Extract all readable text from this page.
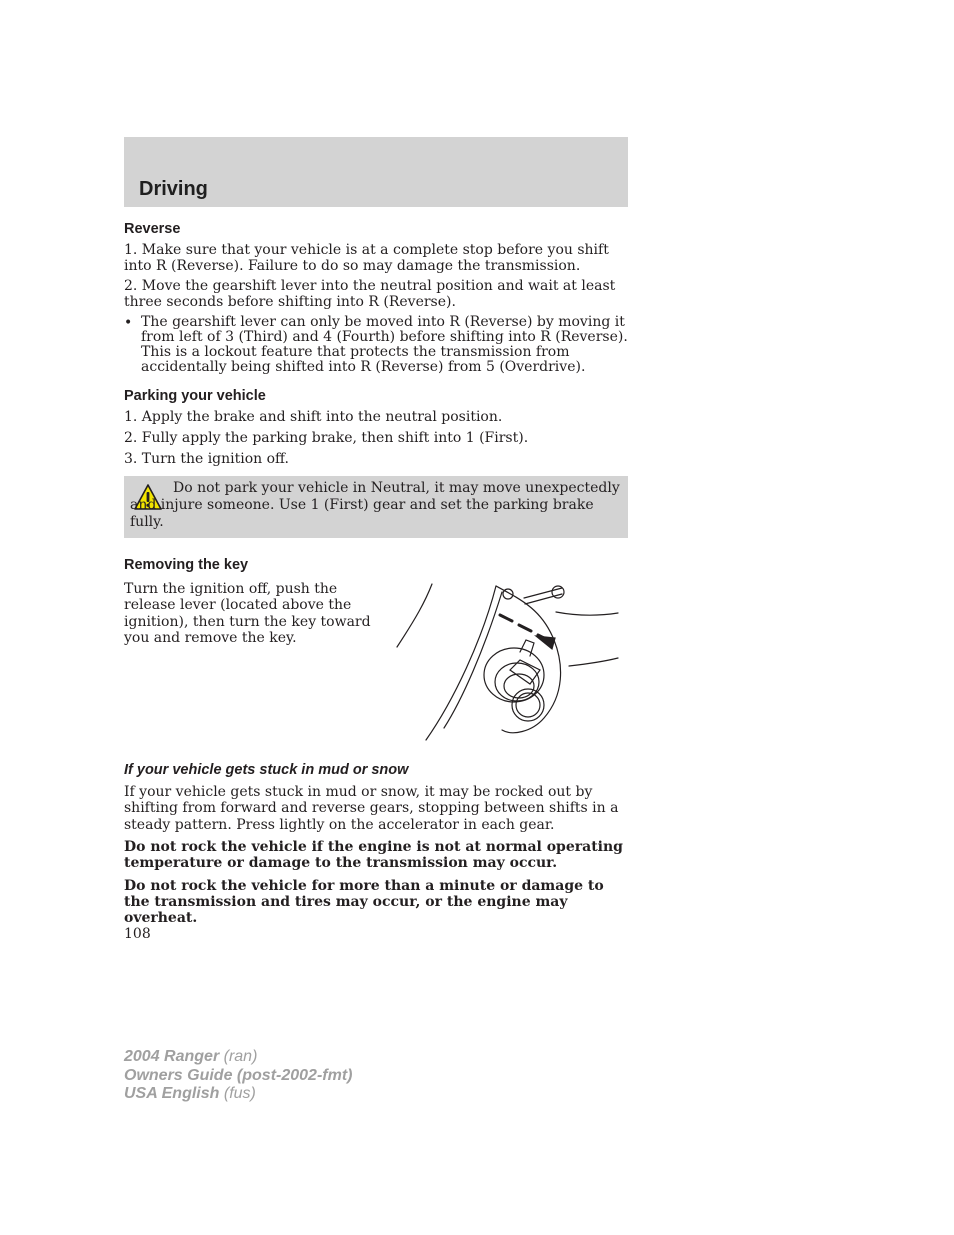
Driving
Reverse
1. Make sure that your vehicle is at a complete stop before you shift into R (Reverse). Failure to do so may damage the transmission.
2. Move the gearshift lever into the neutral position and wait at least three seconds before shifting into R (Reverse).
• The gearshift lever can only be moved into R (Reverse) by moving it from left of 3 (Third) and 4 (Fourth) before shifting into R (Reverse). This is a lockout feature that protects the transmission from accidentally being shifted into R (Reverse) from 5 (Overdrive).
Parking your vehicle
1. Apply the brake and shift into the neutral position.
2. Fully apply the parking brake, then shift into 1 (First).
3. Turn the ignition off.
Do not park your vehicle in Neutral, it may move unexpectedly and injure someone. Use 1 (First) gear and set the parking brake fully.
Removing the key
Turn the ignition off, push the release lever (located above the ignition), then turn the key toward you and remove the key.
If your vehicle gets stuck in mud or snow
If your vehicle gets stuck in mud or snow, it may be rocked out by shifting from forward and reverse gears, stopping between shifts in a steady pattern. Press lightly on the accelerator in each gear.
Do not rock the vehicle if the engine is not at normal operating temperature or damage to the transmission may occur.
Do not rock the vehicle for more than a minute or damage to the transmission and tires may occur, or the engine may overheat.
108
2004 Ranger (ran)
Owners Guide (post-2002-fmt)
USA English (fus)
